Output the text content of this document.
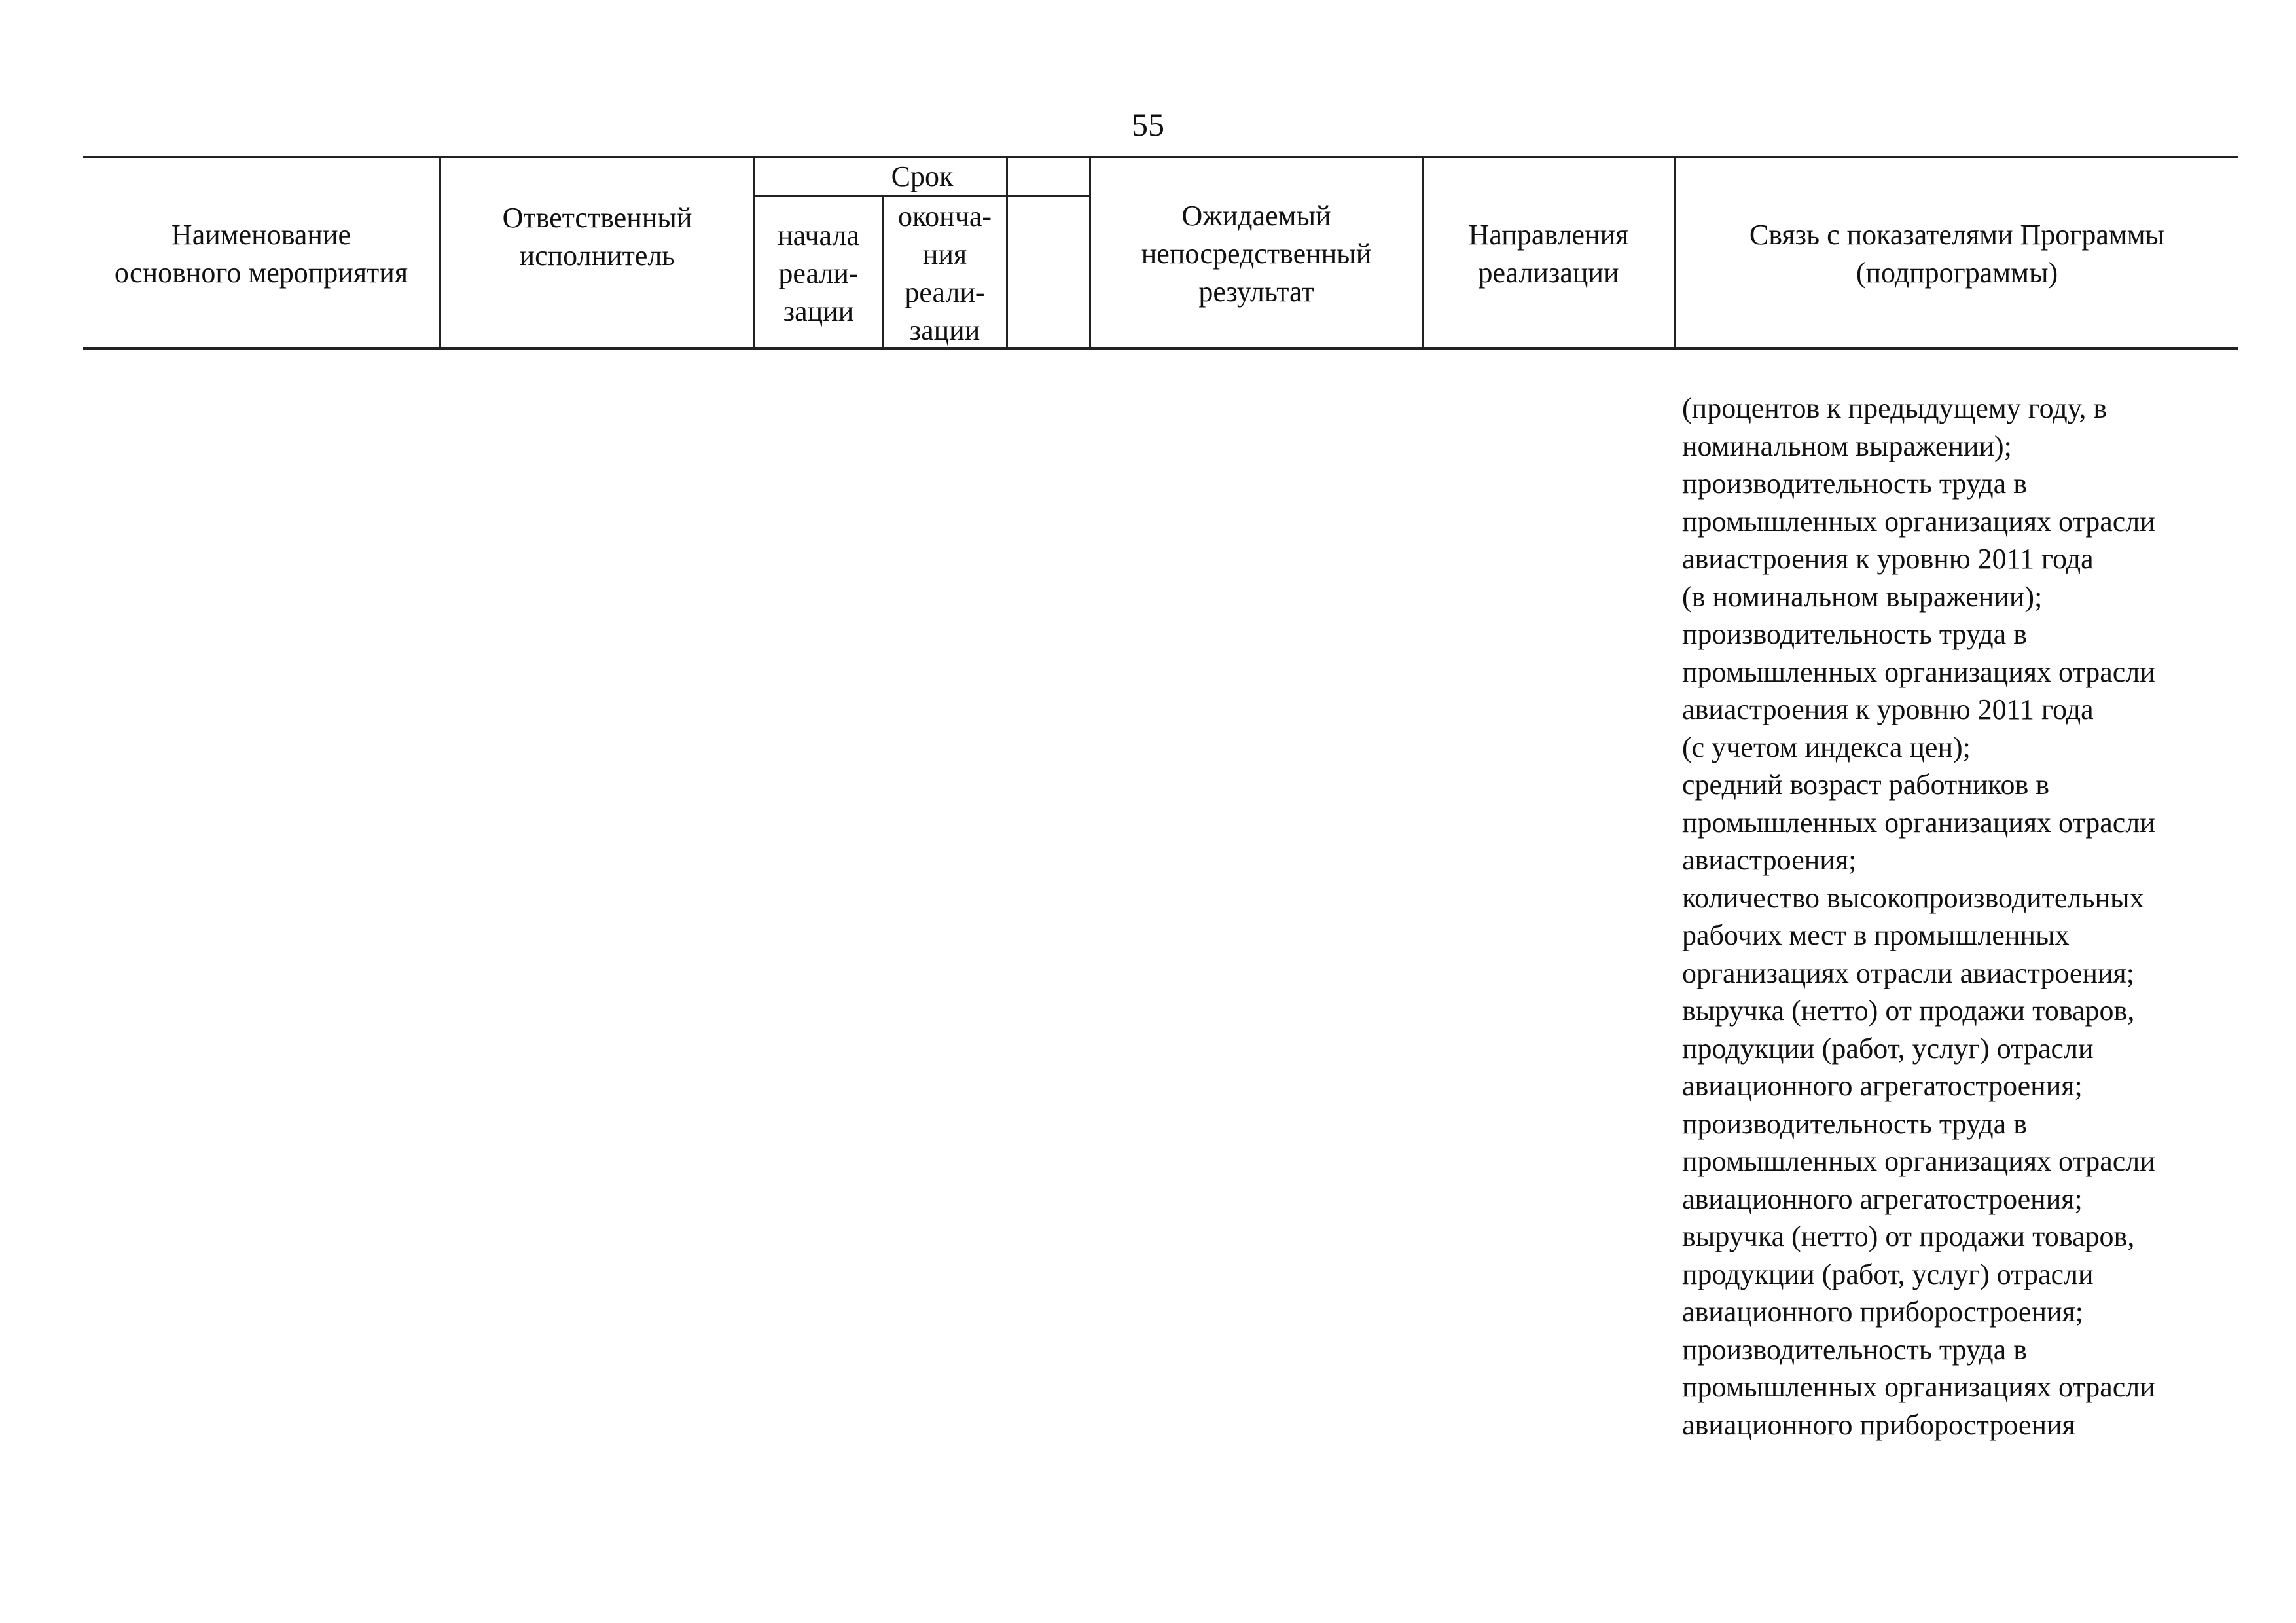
55
Наименование
основного мероприятия
Ответственный
исполнитель
Срок
начала
реали-
зации
оконча-
ния
реали-
зации
Ожидаемый
непосредственный
результат
Направления
реализации
Связь с показателями Программы
(подпрограммы)
(процентов к предыдущему году, в
номинальном выражении);
производительность труда в
промышленных организациях отрасли
авиастроения к уровню 2011 года
(в номинальном выражении);
производительность труда в
промышленных организациях отрасли
авиастроения к уровню 2011 года
(с учетом индекса цен);
средний возраст работников в
промышленных организациях отрасли
авиастроения;
количество высокопроизводительных
рабочих мест в промышленных
организациях отрасли авиастроения;
выручка (нетто) от продажи товаров,
продукции (работ, услуг) отрасли
авиационного агрегатостроения;
производительность труда в
промышленных организациях отрасли
авиационного агрегатостроения;
выручка (нетто) от продажи товаров,
продукции (работ, услуг) отрасли
авиационного приборостроения;
производительность труда в
промышленных организациях отрасли
авиационного приборостроения
